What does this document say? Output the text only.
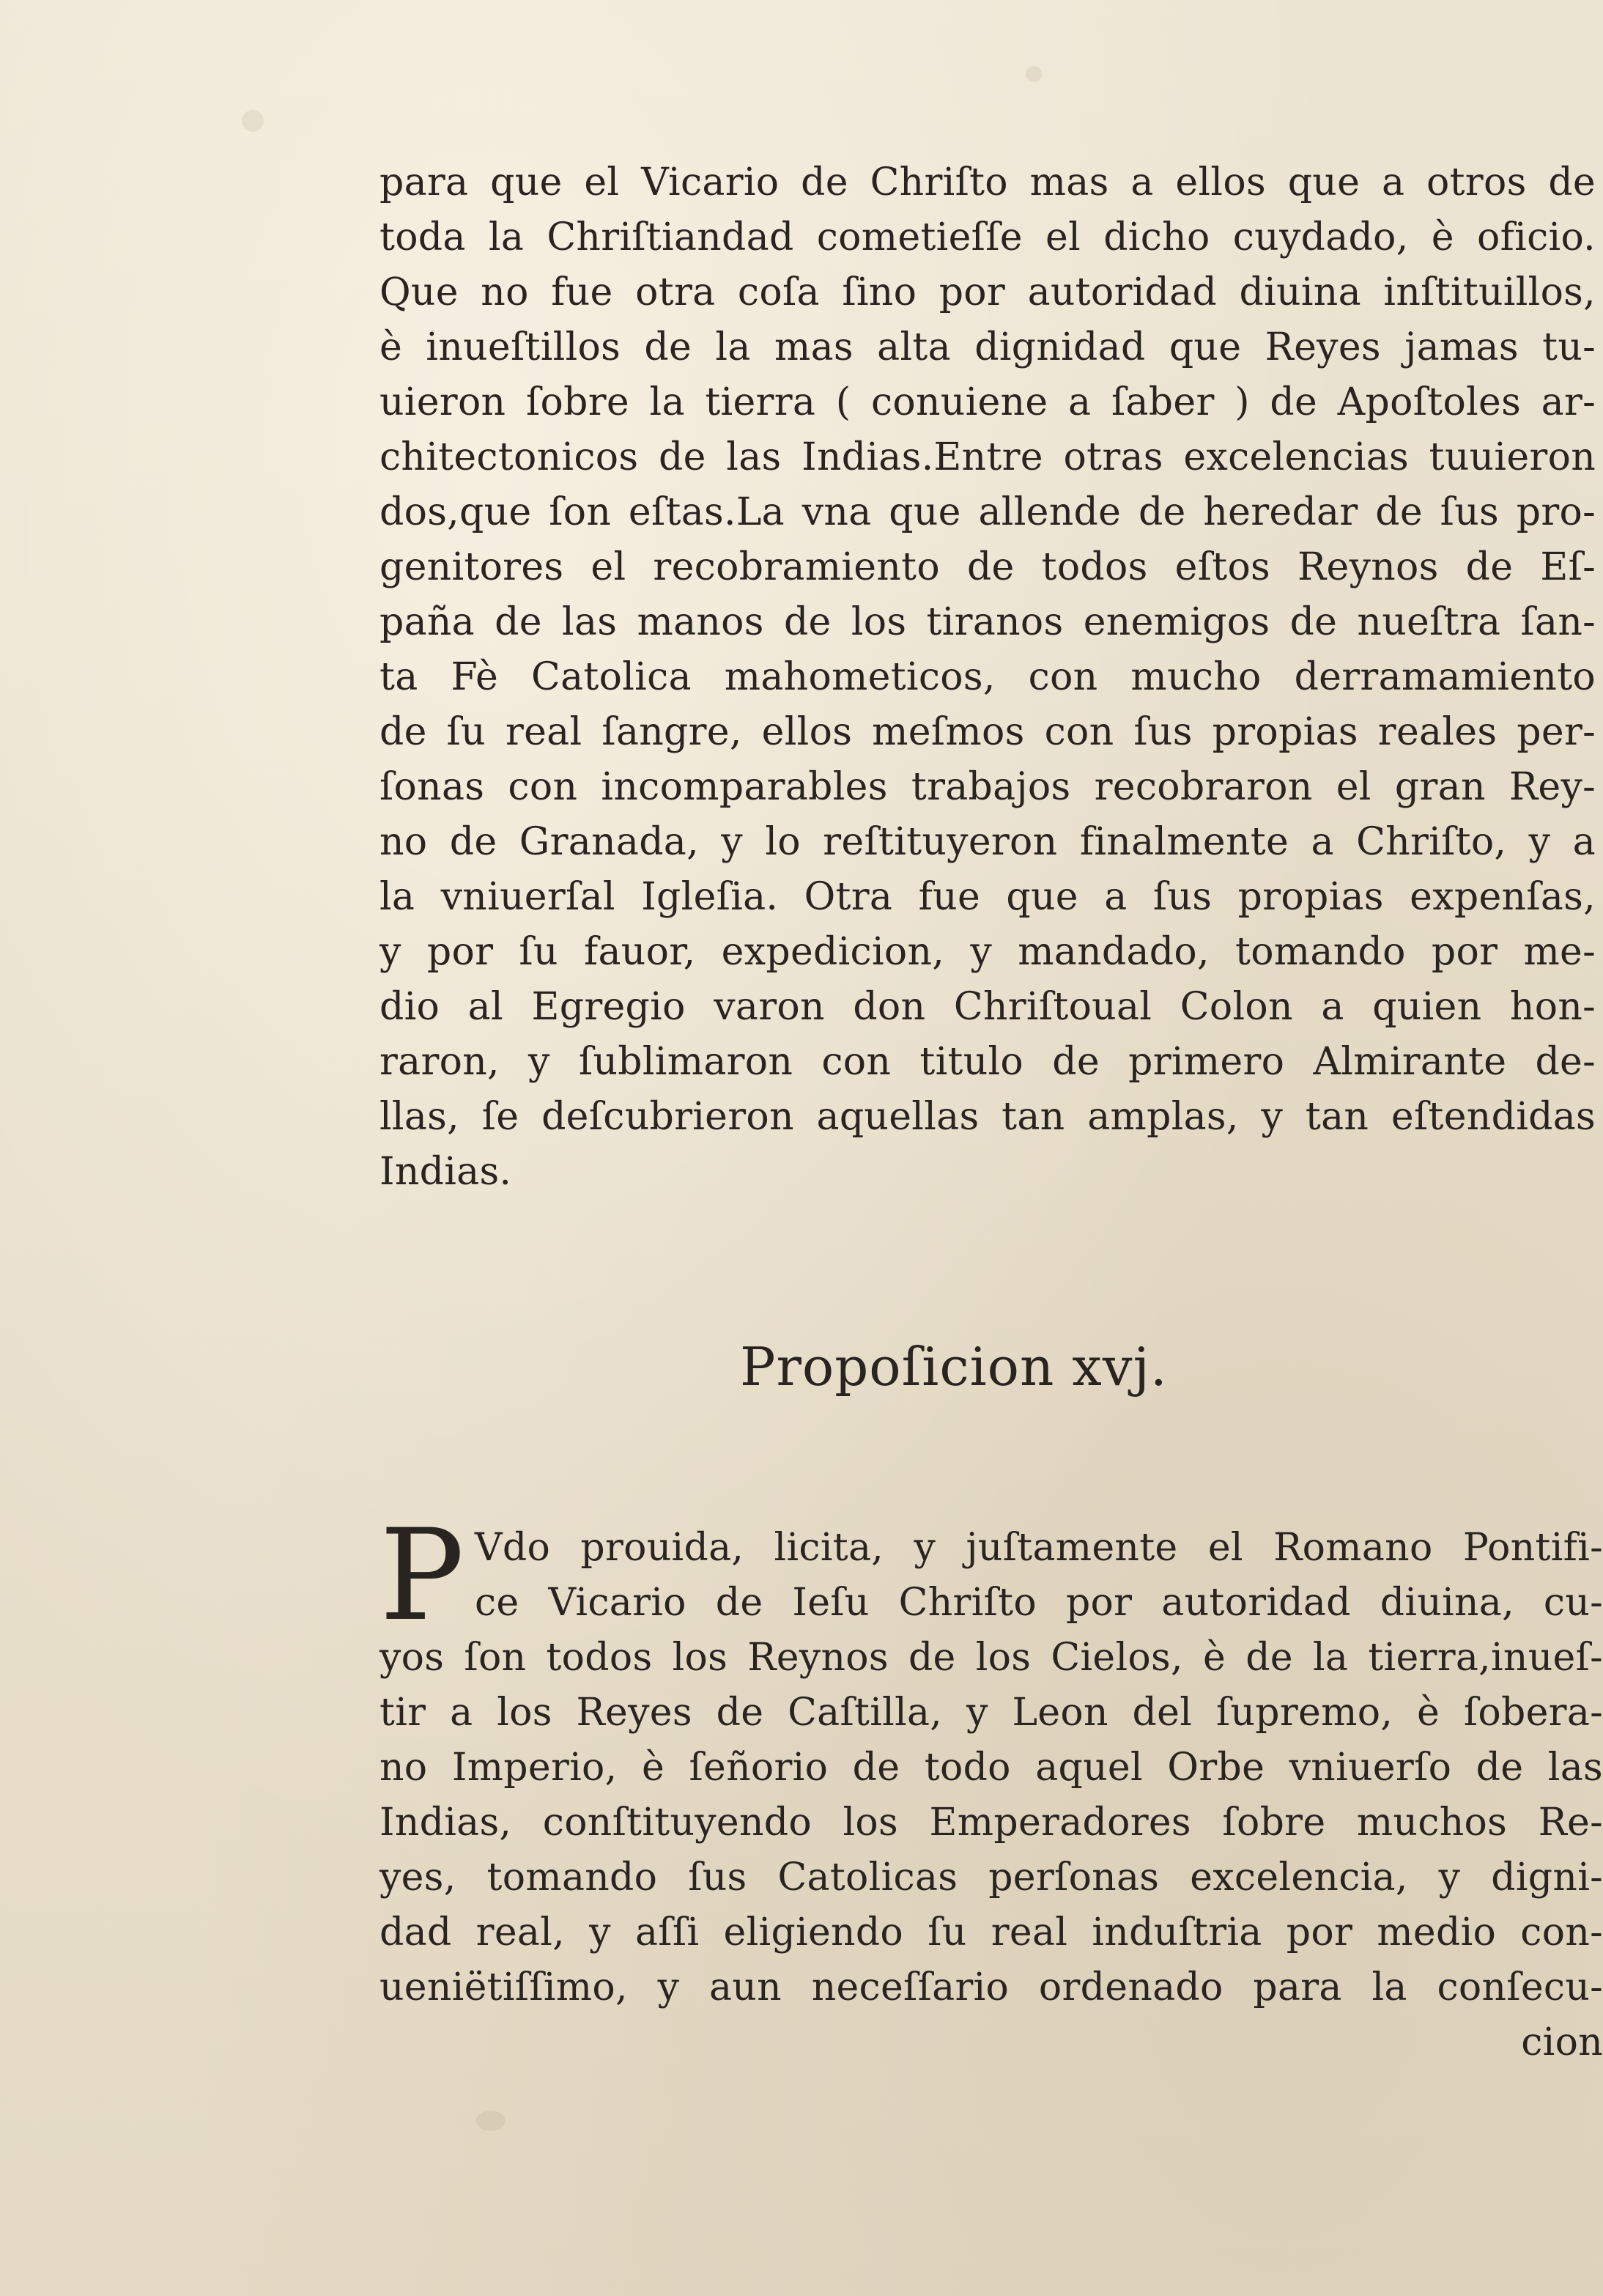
para que el Vicario de Chriſto mas a ellos que a otros de
toda la Chriſtiandad cometieſſe el dicho cuydado, è oficio.
Que no fue otra coſa ſino por autoridad diuina inſtituillos,
è inueſtillos de la mas alta dignidad que Reyes jamas tu-
uieron ſobre la tierra ( conuiene a ſaber ) de Apoſtoles ar-
chitectonicos de las Indias.Entre otras excelencias tuuieron
dos,que ſon eſtas.La vna que allende de heredar de ſus pro-
genitores el recobramiento de todos eſtos Reynos de Eſ-
paña de las manos de los tiranos enemigos de nueſtra ſan-
ta Fè Catolica mahometicos, con mucho derramamiento
de ſu real ſangre, ellos meſmos con ſus propias reales per-
ſonas con incomparables trabajos recobraron el gran Rey-
no de Granada, y lo reſtituyeron finalmente a Chriſto, y a
la vniuerſal Igleſia. Otra fue que a ſus propias expenſas,
y por ſu fauor, expedicion, y mandado, tomando por me-
dio al Egregio varon don Chriſtoual Colon a quien hon-
raron, y ſublimaron con titulo de primero Almirante de-
llas, ſe deſcubrieron aquellas tan amplas, y tan eſtendidas
Indias.
Propoſicion xvj.
P Vdo prouida, licita, y juſtamente el Romano Pontifi-
ce Vicario de Ieſu Chriſto por autoridad diuina, cu-
yos ſon todos los Reynos de los Cielos, è de la tierra,inueſ-
tir a los Reyes de Caſtilla, y Leon del ſupremo, è ſobera-
no Imperio, è ſeñorio de todo aquel Orbe vniuerſo de las
Indias, conſtituyendo los Emperadores ſobre muchos Re-
yes, tomando ſus Catolicas perſonas excelencia, y digni-
dad real, y aſſi eligiendo ſu real induſtria por medio con-
ueniëtiſſimo, y aun neceſſario ordenado para la conſecu-
cion
